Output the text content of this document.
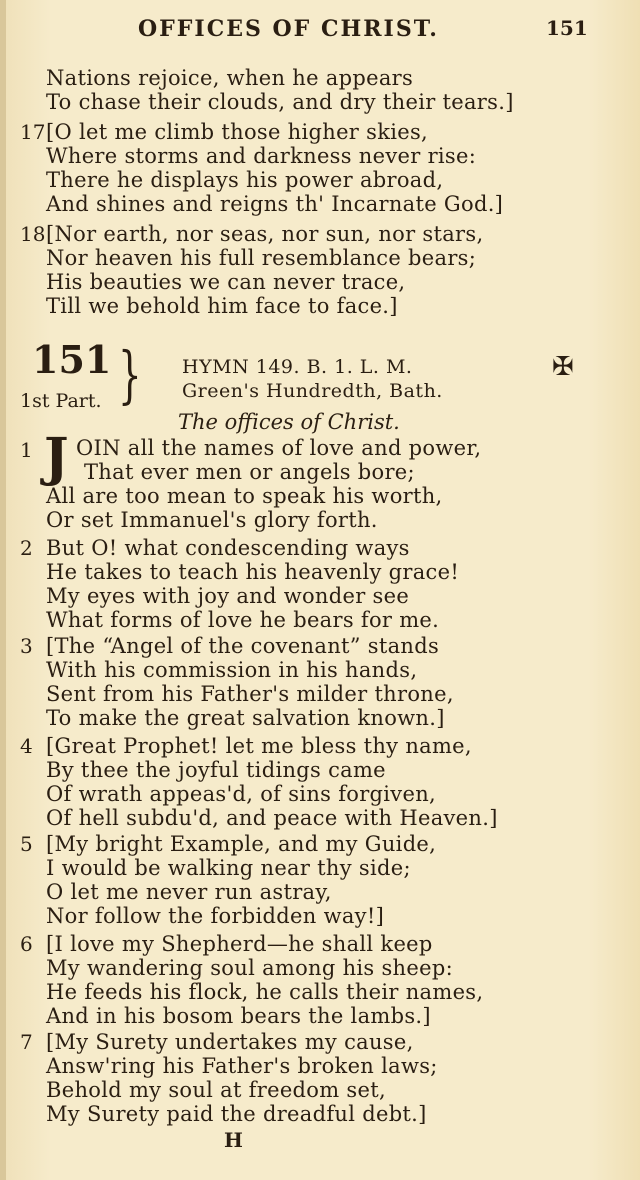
OFFICES OF CHRIST.	151
Nations rejoice, when he appears
To chase their clouds, and dry their tears.]
17 [O let me climb those higher skies,
Where storms and darkness never rise:
There he displays his power abroad,
And shines and reigns th' Incarnate God.]
18 [Nor earth, nor seas, nor sun, nor stars,
Nor heaven his full resemblance bears;
His beauties we can never trace,
Till we behold him face to face.]
151
1st Part. } HYMN 149. B. 1. L. M.
Green's Hundredth, Bath.
✠
The offices of Christ.
1 J OIN all the names of love and power,
That ever men or angels bore;
All are too mean to speak his worth,
Or set Immanuel's glory forth.
2 But O! what condescending ways
He takes to teach his heavenly grace!
My eyes with joy and wonder see
What forms of love he bears for me.
3 [The “Angel of the covenant” stands
With his commission in his hands,
Sent from his Father's milder throne,
To make the great salvation known.]
4 [Great Prophet! let me bless thy name,
By thee the joyful tidings came
Of wrath appeas'd, of sins forgiven,
Of hell subdu'd, and peace with Heaven.]
5 [My bright Example, and my Guide,
I would be walking near thy side;
O let me never run astray,
Nor follow the forbidden way!]
6 [I love my Shepherd—he shall keep
My wandering soul among his sheep:
He feeds his flock, he calls their names,
And in his bosom bears the lambs.]
7 [My Surety undertakes my cause,
Answ'ring his Father's broken laws;
Behold my soul at freedom set,
My Surety paid the dreadful debt.]
H
